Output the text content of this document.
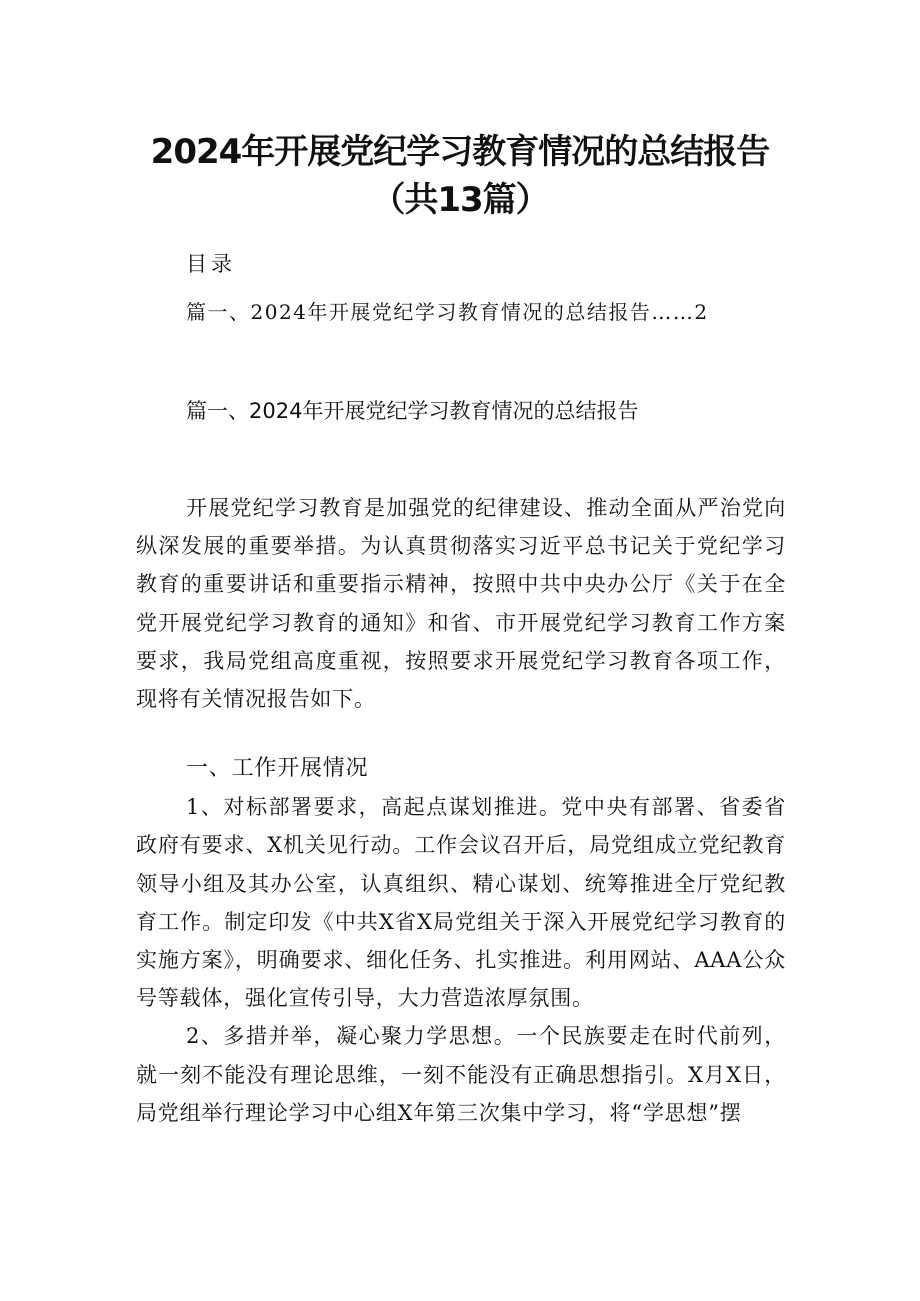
2024年开展党纪学习教育情况的总结报告
（共13篇）
目录
篇一、2024年开展党纪学习教育情况的总结报告……2
篇一、2024年开展党纪学习教育情况的总结报告

开展党纪学习教育是加强党的纪律建设、推动全面从严治党向纵深发展的重要举措。为认真贯彻落实习近平总书记关于党纪学习教育的重要讲话和重要指示精神，按照中共中央办公厅《关于在全党开展党纪学习教育的通知》和省、市开展党纪学习教育工作方案要求，我局党组高度重视，按照要求开展党纪学习教育各项工作，现将有关情况报告如下。

一、工作开展情况

1、对标部署要求，高起点谋划推进。党中央有部署、省委省政府有要求、X机关见行动。工作会议召开后，局党组成立党纪教育领导小组及其办公室，认真组织、精心谋划、统筹推进全厅党纪教育工作。制定印发《中共X省X局党组关于深入开展党纪学习教育的实施方案》，明确要求、细化任务、扎实推进。利用网站、AAA公众号等载体，强化宣传引导，大力营造浓厚氛围。

2、多措并举，凝心聚力学思想。一个民族要走在时代前列，就一刻不能没有理论思维，一刻不能没有正确思想指引。X月X日，局党组举行理论学习中心组X年第三次集中学习，将“学思想”摆
